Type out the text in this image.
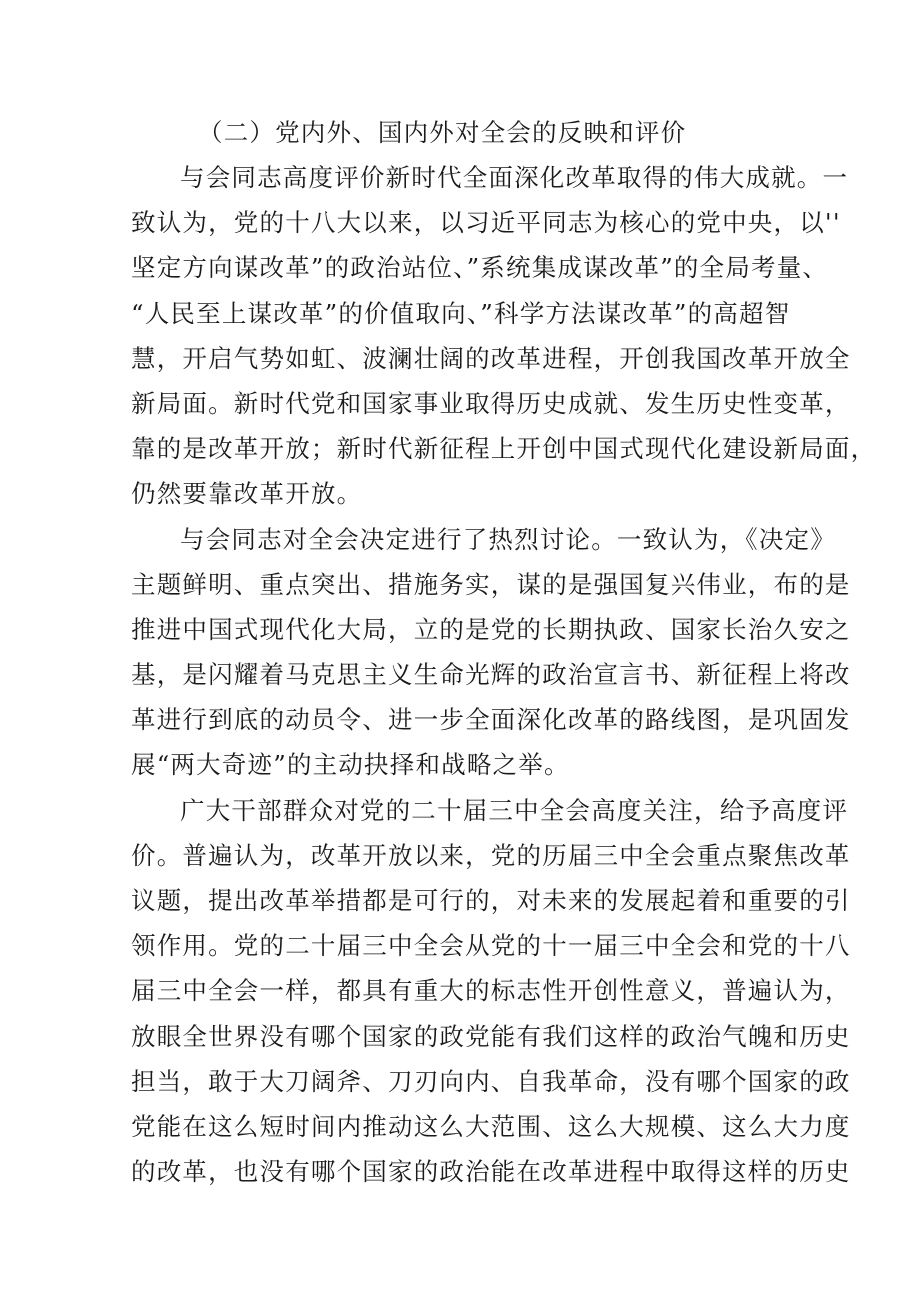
（二）党内外、国内外对全会的反映和评价

与会同志高度评价新时代全面深化改革取得的伟大成就。一
致认为，党的十八大以来，以习近平同志为核心的党中央，以''
坚定方向谋改革”的政治站位、”系统集成谋改革”的全局考量、
“人民至上谋改革”的价值取向、”科学方法谋改革”的高超智
慧，开启气势如虹、波澜壮阔的改革进程，开创我国改革开放全
新局面。新时代党和国家事业取得历史成就、发生历史性变革，
靠的是改革开放；新时代新征程上开创中国式现代化建设新局面，
仍然要靠改革开放。

与会同志对全会决定进行了热烈讨论。一致认为，《决定》
主题鲜明、重点突出、措施务实，谋的是强国复兴伟业，布的是
推进中国式现代化大局，立的是党的长期执政、国家长治久安之
基，是闪耀着马克思主义生命光辉的政治宣言书、新征程上将改
革进行到底的动员令、进一步全面深化改革的路线图，是巩固发
展“两大奇迹”的主动抉择和战略之举。

广大干部群众对党的二十届三中全会高度关注，给予高度评
价。普遍认为，改革开放以来，党的历届三中全会重点聚焦改革
议题，提出改革举措都是可行的，对未来的发展起着和重要的引
领作用。党的二十届三中全会从党的十一届三中全会和党的十八
届三中全会一样，都具有重大的标志性开创性意义，普遍认为，
放眼全世界没有哪个国家的政党能有我们这样的政治气魄和历史
担当，敢于大刀阔斧、刀刃向内、自我革命，没有哪个国家的政
党能在这么短时间内推动这么大范围、这么大规模、这么大力度
的改革，也没有哪个国家的政治能在改革进程中取得这样的历史
